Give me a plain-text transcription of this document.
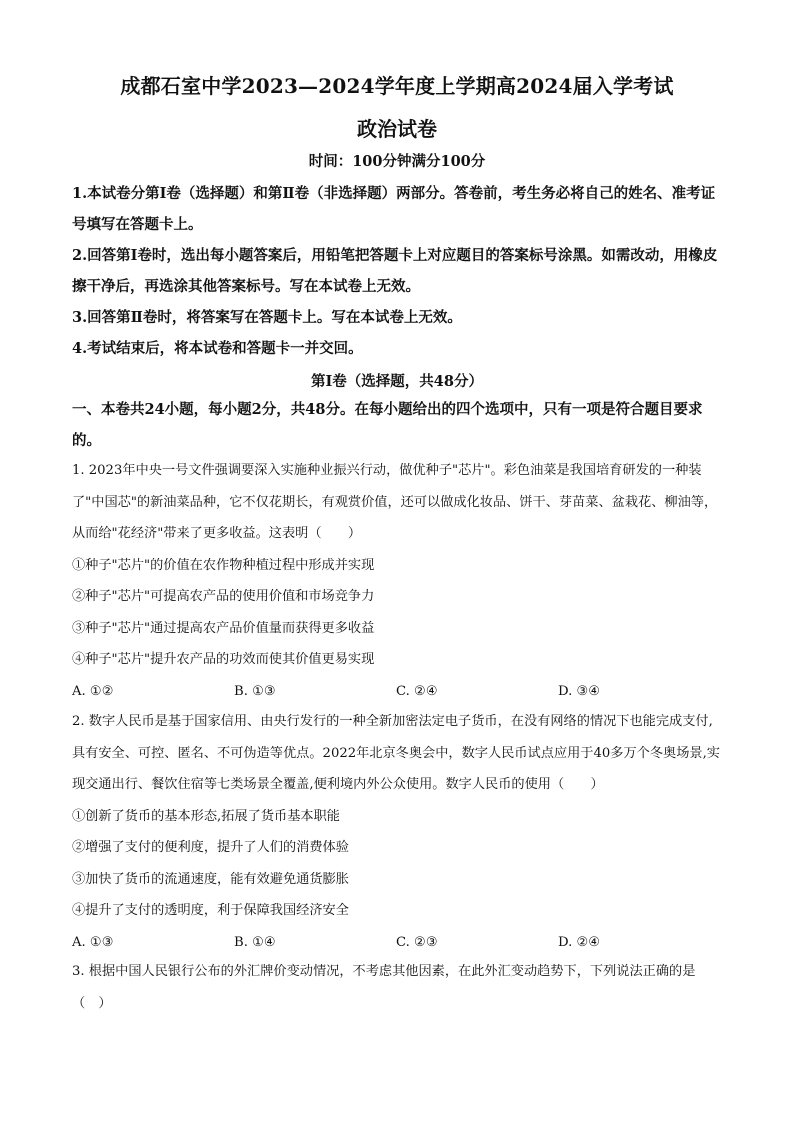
成都石室中学2023—2024学年度上学期高2024届入学考试
政治试卷
时间：100分钟满分100分

1.本试卷分第Ⅰ卷（选择题）和第Ⅱ卷（非选择题）两部分。答卷前，考生务必将自己的姓名、准考证号填写在答题卡上。

2.回答第Ⅰ卷时，选出每小题答案后，用铅笔把答题卡上对应题目的答案标号涂黑。如需改动，用橡皮擦干净后，再选涂其他答案标号。写在本试卷上无效。

3.回答第Ⅱ卷时，将答案写在答题卡上。写在本试卷上无效。

4.考试结束后，将本试卷和答题卡一并交回。

第Ⅰ卷（选择题，共48分）

一、本卷共24小题，每小题2分，共48分。在每小题给出的四个选项中，只有一项是符合题目要求的。

1. 2023年中央一号文件强调要深入实施种业振兴行动，做优种子"芯片"。彩色油菜是我国培育研发的一种装了"中国芯"的新油菜品种，它不仅花期长，有观赏价值，还可以做成化妆品、饼干、芽苗菜、盆栽花、柳油等，从而给"花经济"带来了更多收益。这表明（　　）

①种子"芯片"的价值在农作物种植过程中形成并实现

②种子"芯片"可提高农产品的使用价值和市场竞争力

③种子"芯片"通过提高农产品价值量而获得更多收益

④种子"芯片"提升农产品的功效而使其价值更易实现

A. ①②	B. ①③	C. ②④	D. ③④

2. 数字人民币是基于国家信用、由央行发行的一种全新加密法定电子货币，在没有网络的情况下也能完成支付,具有安全、可控、匿名、不可伪造等优点。2022年北京冬奥会中，数字人民币试点应用于40多万个冬奥场景,实现交通出行、餐饮住宿等七类场景全覆盖,便利境内外公众使用。数字人民币的使用（　　）

①创新了货币的基本形态,拓展了货币基本职能

②增强了支付的便利度，提升了人们的消费体验

③加快了货币的流通速度，能有效避免通货膨胀

④提升了支付的透明度，利于保障我国经济安全

A. ①③	B. ①④	C. ②③	D. ②④

3. 根据中国人民银行公布的外汇牌价变动情况，不考虑其他因素，在此外汇变动趋势下，下列说法正确的是（　）
